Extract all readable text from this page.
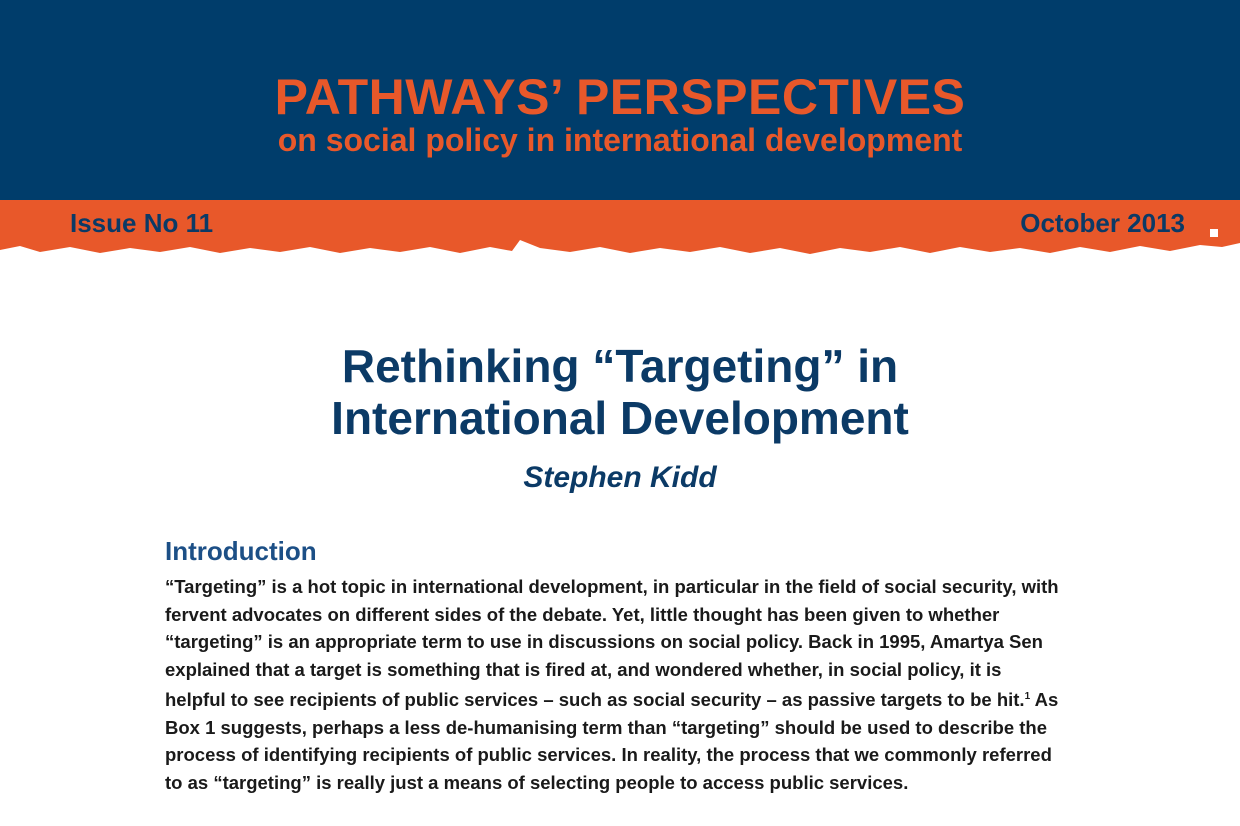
PATHWAYS’ PERSPECTIVES
on social policy in international development
Issue No 11	October 2013
Rethinking “Targeting” in
International Development
Stephen Kidd
Introduction

“Targeting” is a hot topic in international development, in particular in the field of social security, with fervent advocates on different sides of the debate. Yet, little thought has been given to whether “targeting” is an appropriate term to use in discussions on social policy. Back in 1995, Amartya Sen explained that a target is something that is fired at, and wondered whether, in social policy, it is helpful to see recipients of public services – such as social security – as passive targets to be hit.$^1$ As Box 1 suggests, perhaps a less de-humanising term than “targeting” should be used to describe the process of identifying recipients of public services. In reality, the process that we commonly referred to as “targeting” is really just a means of selecting people to access public services.
